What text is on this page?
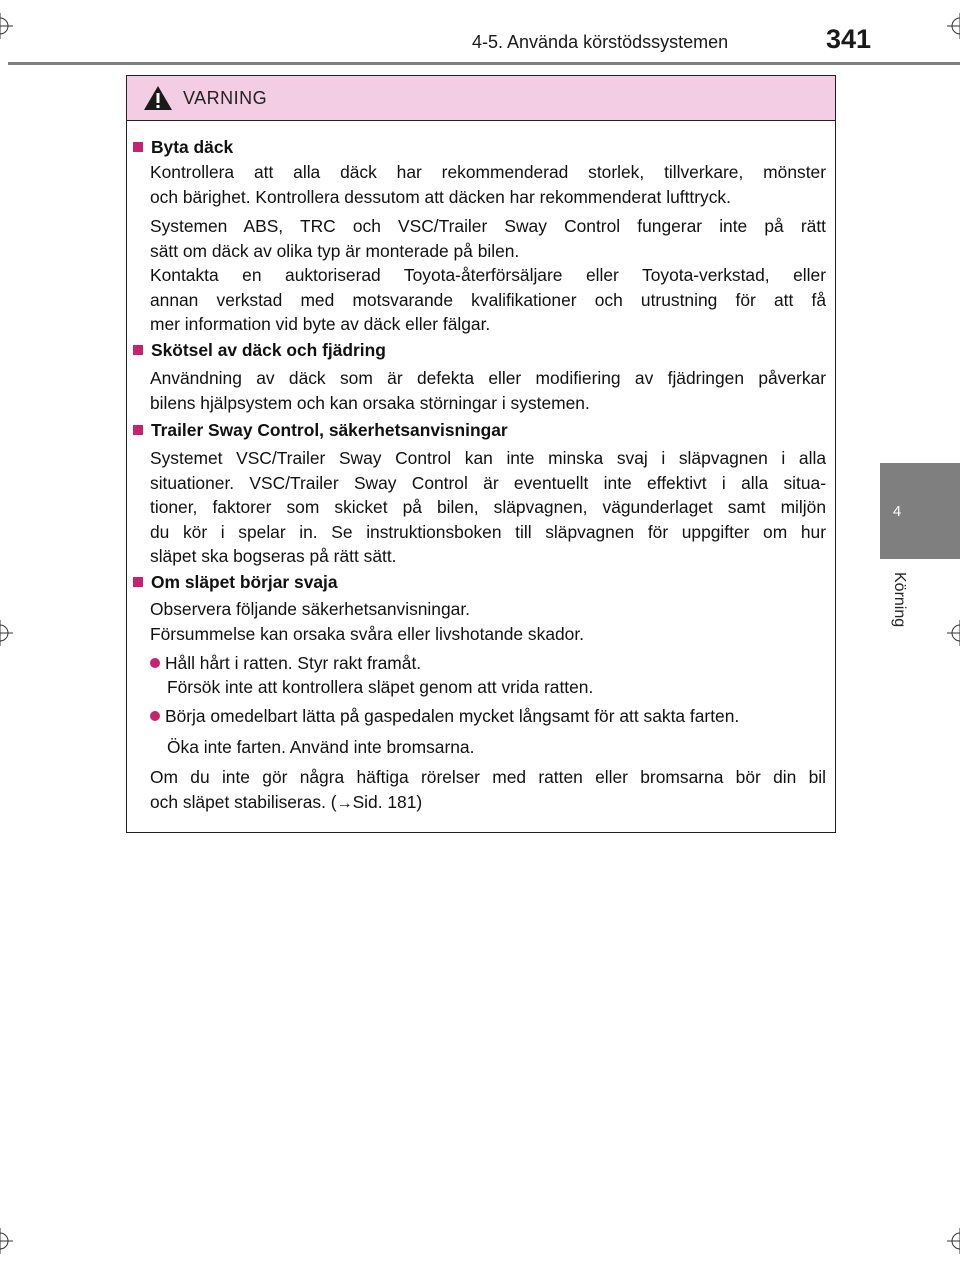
4-5. Använda körstödssystemen	341
4
Körning
VARNING
Byta däck
Kontrollera att alla däck har rekommenderad storlek, tillverkare, mönster
och bärighet. Kontrollera dessutom att däcken har rekommenderat lufttryck.
Systemen ABS, TRC och VSC/Trailer Sway Control fungerar inte på rätt
sätt om däck av olika typ är monterade på bilen.
Kontakta en auktoriserad Toyota-återförsäljare eller Toyota-verkstad, eller
annan verkstad med motsvarande kvalifikationer och utrustning för att få
mer information vid byte av däck eller fälgar.
Skötsel av däck och fjädring
Användning av däck som är defekta eller modifiering av fjädringen påverkar
bilens hjälpsystem och kan orsaka störningar i systemen.
Trailer Sway Control, säkerhetsanvisningar
Systemet VSC/Trailer Sway Control kan inte minska svaj i släpvagnen i alla
situationer. VSC/Trailer Sway Control är eventuellt inte effektivt i alla situa-
tioner, faktorer som skicket på bilen, släpvagnen, vägunderlaget samt miljön
du kör i spelar in. Se instruktionsboken till släpvagnen för uppgifter om hur
släpet ska bogseras på rätt sätt.
Om släpet börjar svaja
Observera följande säkerhetsanvisningar.
Försummelse kan orsaka svåra eller livshotande skador.
Håll hårt i ratten. Styr rakt framåt.
Försök inte att kontrollera släpet genom att vrida ratten.
Börja omedelbart lätta på gaspedalen mycket långsamt för att sakta farten.
Öka inte farten. Använd inte bromsarna.
Om du inte gör några häftiga rörelser med ratten eller bromsarna bör din bil
och släpet stabiliseras. (→Sid. 181)
